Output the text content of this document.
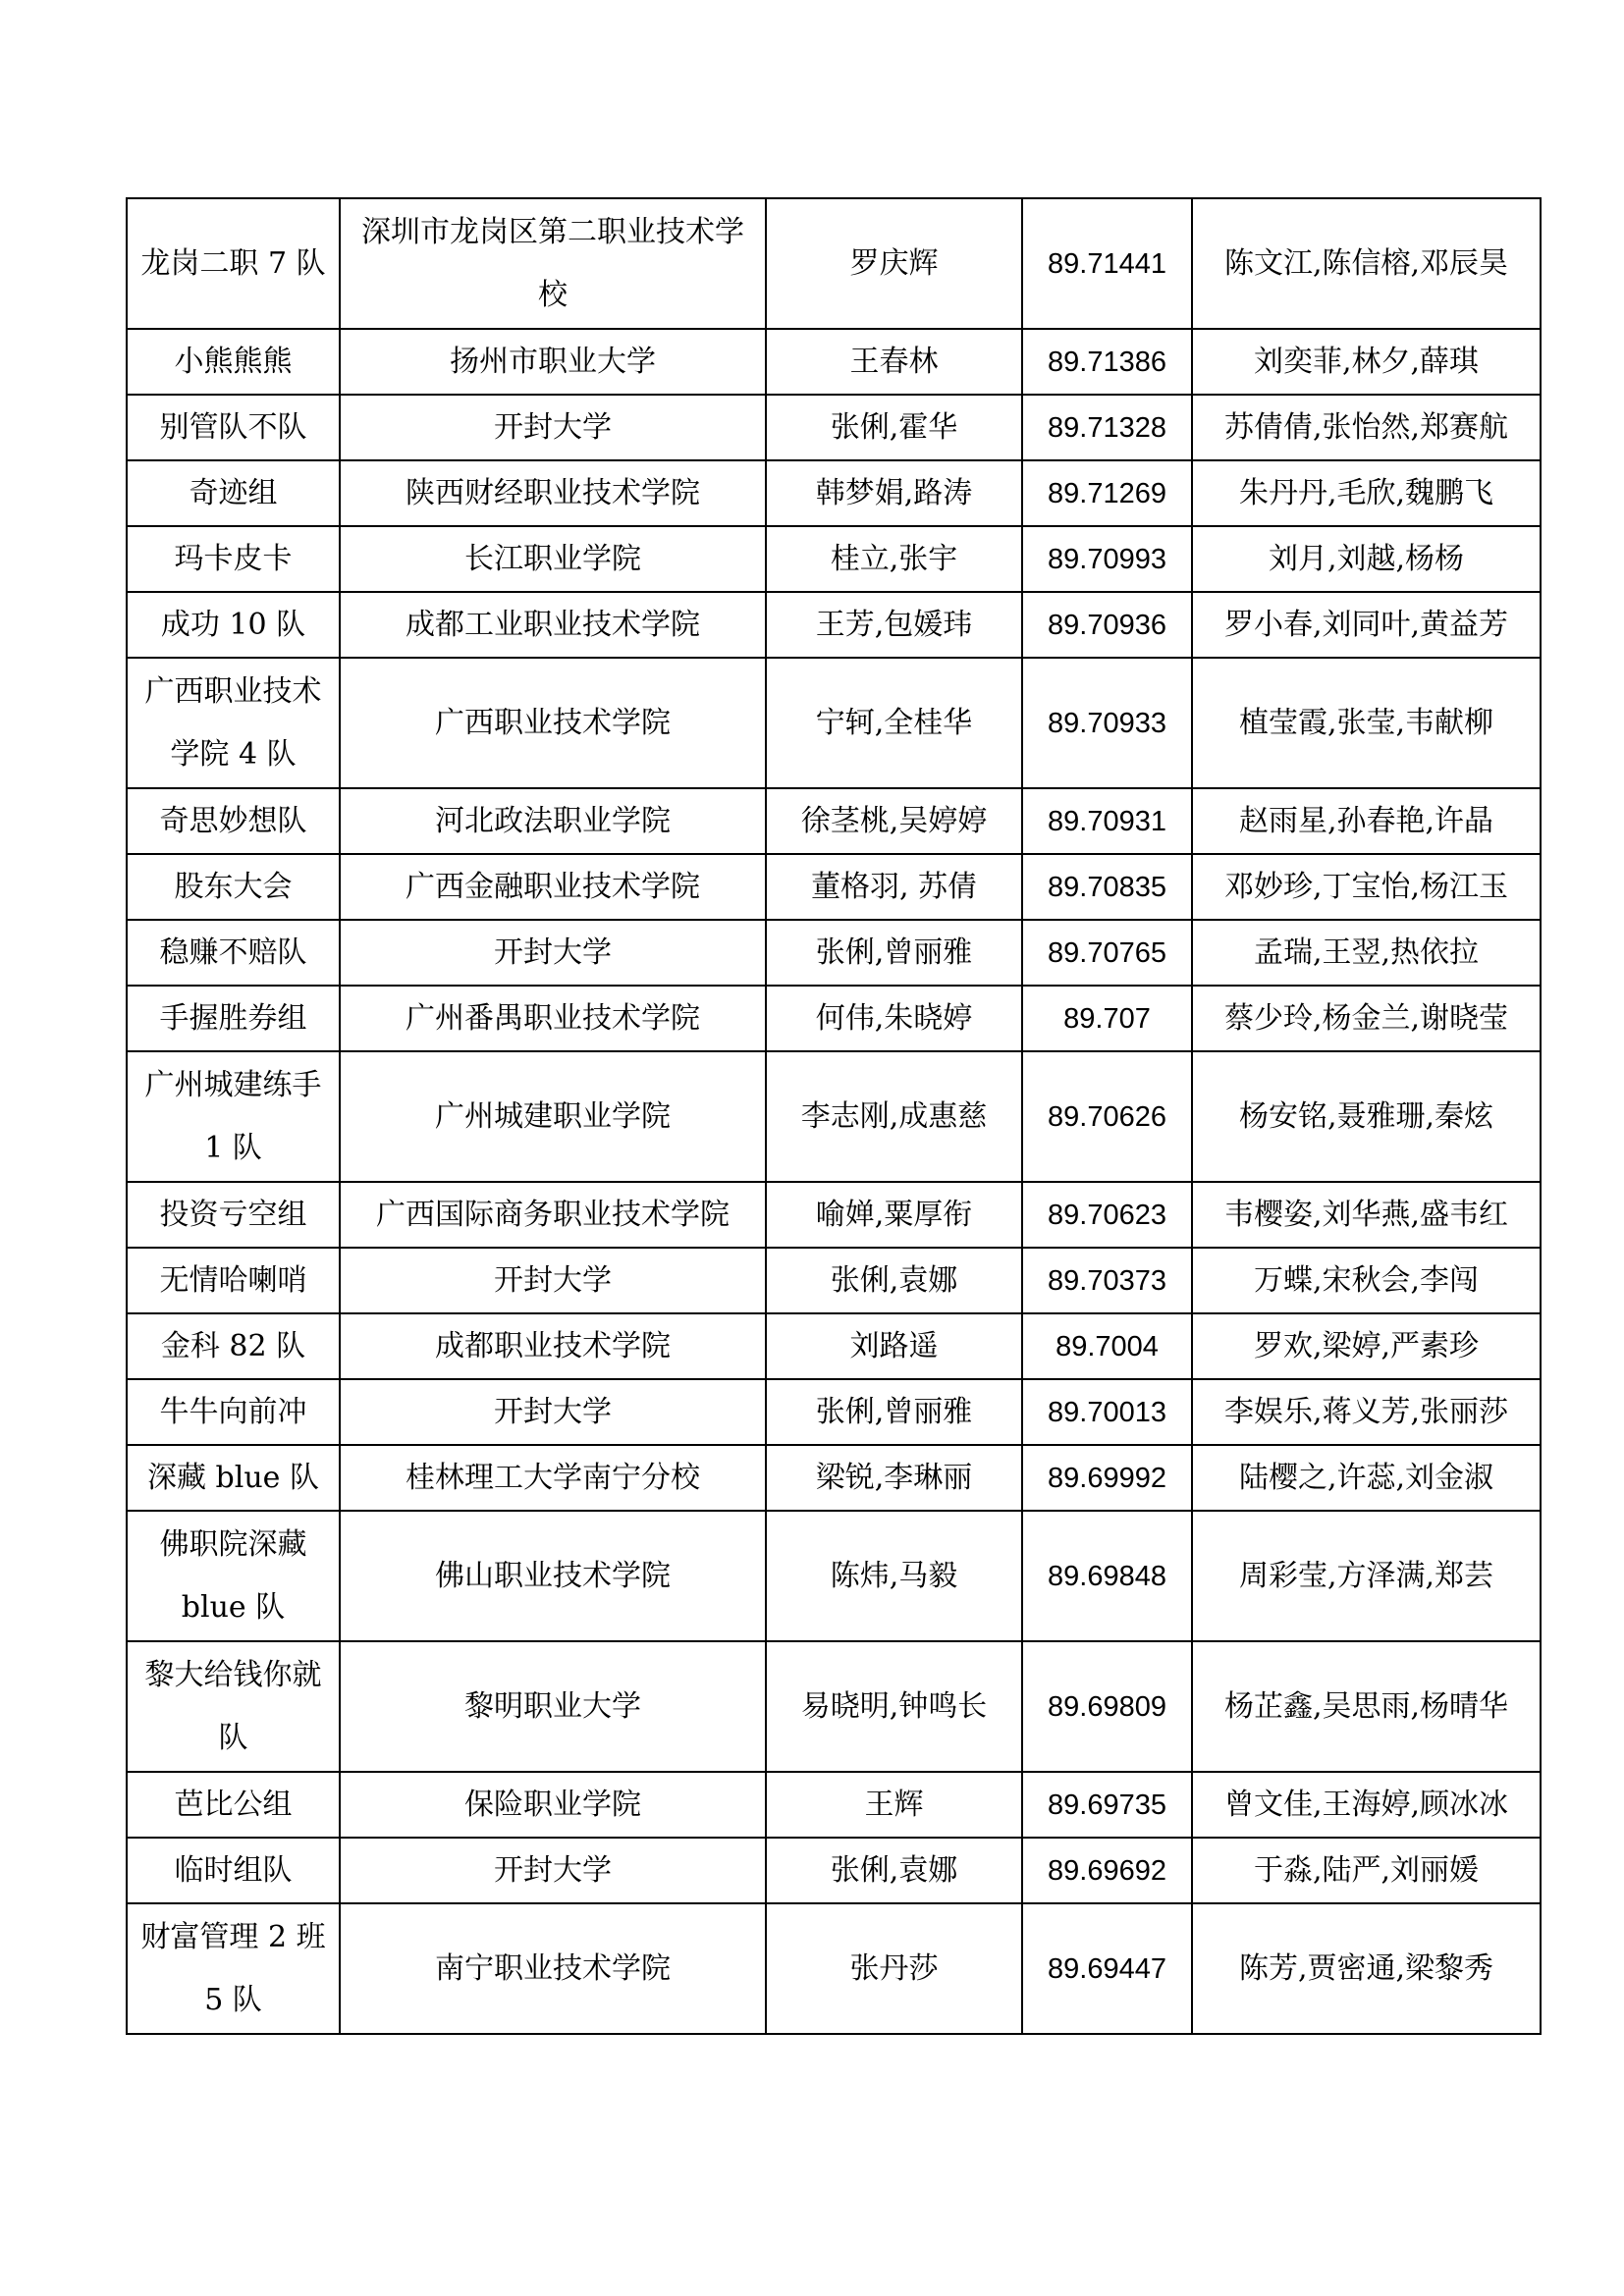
龙岗二职 7 队	深圳市龙岗区第二职业技术学校	罗庆辉	89.71441	陈文江,陈信榕,邓辰昊
小熊熊熊	扬州市职业大学	王春林	89.71386	刘奕菲,林夕,薛琪
别管队不队	开封大学	张俐,霍华	89.71328	苏倩倩,张怡然,郑赛航
奇迹组	陕西财经职业技术学院	韩梦娟,路涛	89.71269	朱丹丹,毛欣,魏鹏飞
玛卡皮卡	长江职业学院	桂立,张宇	89.70993	刘月,刘越,杨杨
成功 10 队	成都工业职业技术学院	王芳,包媛玮	89.70936	罗小春,刘同叶,黄益芳
广西职业技术学院 4 队	广西职业技术学院	宁轲,全桂华	89.70933	植莹霞,张莹,韦献柳
奇思妙想队	河北政法职业学院	徐茎桃,吴婷婷	89.70931	赵雨星,孙春艳,许晶
股东大会	广西金融职业技术学院	董格羽, 苏倩	89.70835	邓妙珍,丁宝怡,杨江玉
稳赚不赔队	开封大学	张俐,曾丽雅	89.70765	孟瑞,王翌,热依拉
手握胜券组	广州番禺职业技术学院	何伟,朱晓婷	89.707	蔡少玲,杨金兰,谢晓莹
广州城建练手 1 队	广州城建职业学院	李志刚,成惠慈	89.70626	杨安铭,聂雅珊,秦炫
投资亏空组	广西国际商务职业技术学院	喻婵,粟厚衔	89.70623	韦樱姿,刘华燕,盛韦红
无情哈喇哨	开封大学	张俐,袁娜	89.70373	万蝶,宋秋会,李闯
金科 82 队	成都职业技术学院	刘路遥	89.7004	罗欢,梁婷,严素珍
牛牛向前冲	开封大学	张俐,曾丽雅	89.70013	李娱乐,蒋义芳,张丽莎
深藏 blue 队	桂林理工大学南宁分校	梁锐,李琳丽	89.69992	陆樱之,许蕊,刘金淑
佛职院深藏 blue 队	佛山职业技术学院	陈炜,马毅	89.69848	周彩莹,方泽满,郑芸
黎大给钱你就队	黎明职业大学	易晓明,钟鸣长	89.69809	杨芷鑫,吴思雨,杨晴华
芭比公组	保险职业学院	王辉	89.69735	曾文佳,王海婷,顾冰冰
临时组队	开封大学	张俐,袁娜	89.69692	于淼,陆严,刘丽媛
财富管理 2 班 5 队	南宁职业技术学院	张丹莎	89.69447	陈芳,贾密通,梁黎秀
